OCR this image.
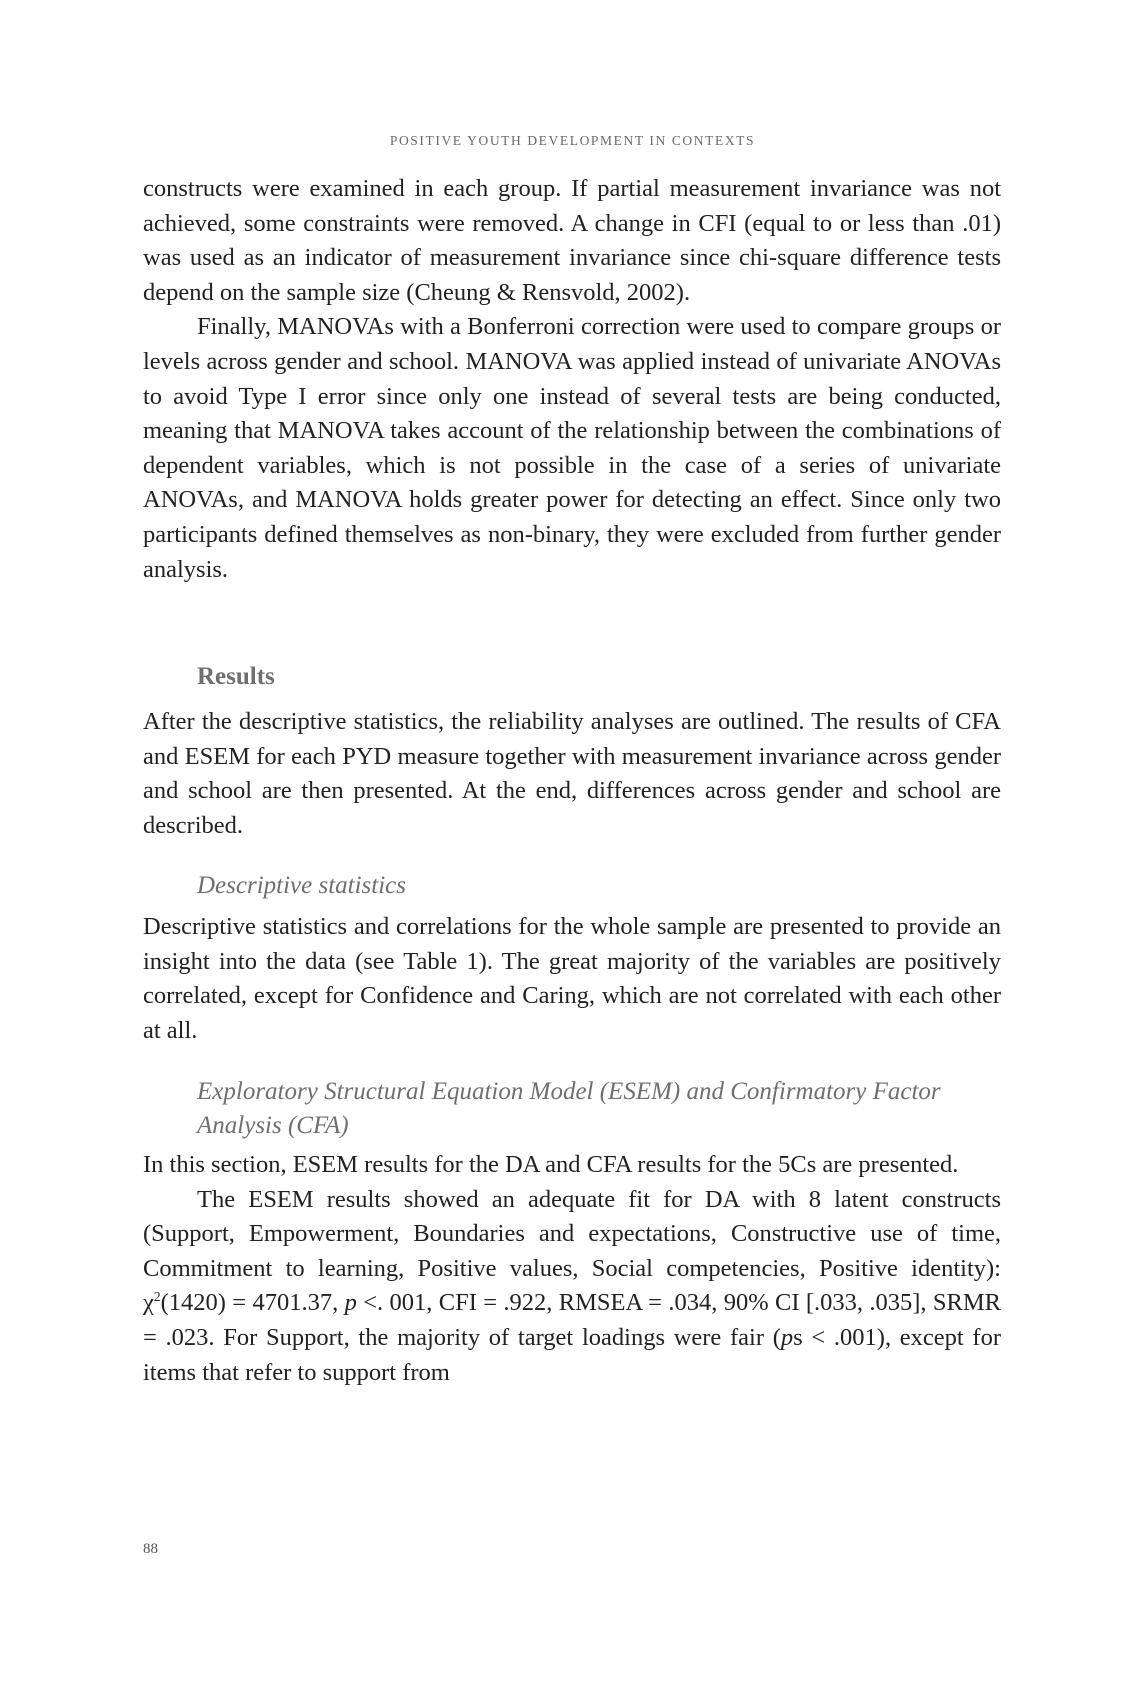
POSITIVE YOUTH DEVELOPMENT IN CONTEXTS

constructs were examined in each group. If partial measurement invariance was not achieved, some constraints were removed. A change in CFI (equal to or less than .01) was used as an indicator of measurement invariance since chi-square difference tests depend on the sample size (Cheung & Rensvold, 2002).

Finally, MANOVAs with a Bonferroni correction were used to compare groups or levels across gender and school. MANOVA was applied instead of univariate ANOVAs to avoid Type I error since only one instead of several tests are being conducted, meaning that MANOVA takes account of the relationship between the combinations of dependent variables, which is not possible in the case of a series of univariate ANOVAs, and MANOVA holds greater power for detecting an effect. Since only two participants defined themselves as non-binary, they were excluded from further gender analysis.

Results

After the descriptive statistics, the reliability analyses are outlined. The results of CFA and ESEM for each PYD measure together with measurement invariance across gender and school are then presented. At the end, differences across gender and school are described.

Descriptive statistics

Descriptive statistics and correlations for the whole sample are presented to provide an insight into the data (see Table 1). The great majority of the variables are positively correlated, except for Confidence and Caring, which are not correlated with each other at all.

Exploratory Structural Equation Model (ESEM) and Confirmatory Factor Analysis (CFA)

In this section, ESEM results for the DA and CFA results for the 5Cs are presented.

The ESEM results showed an adequate fit for DA with 8 latent constructs (Support, Empowerment, Boundaries and expectations, Constructive use of time, Commitment to learning, Positive values, Social competencies, Positive identity): $\chi^2(1420) = 4701.37$, p <. 001, CFI = .922, RMSEA = .034, 90% CI [.033, .035], SRMR = .023. For Support, the majority of target loadings were fair (ps < .001), except for items that refer to support from

88
